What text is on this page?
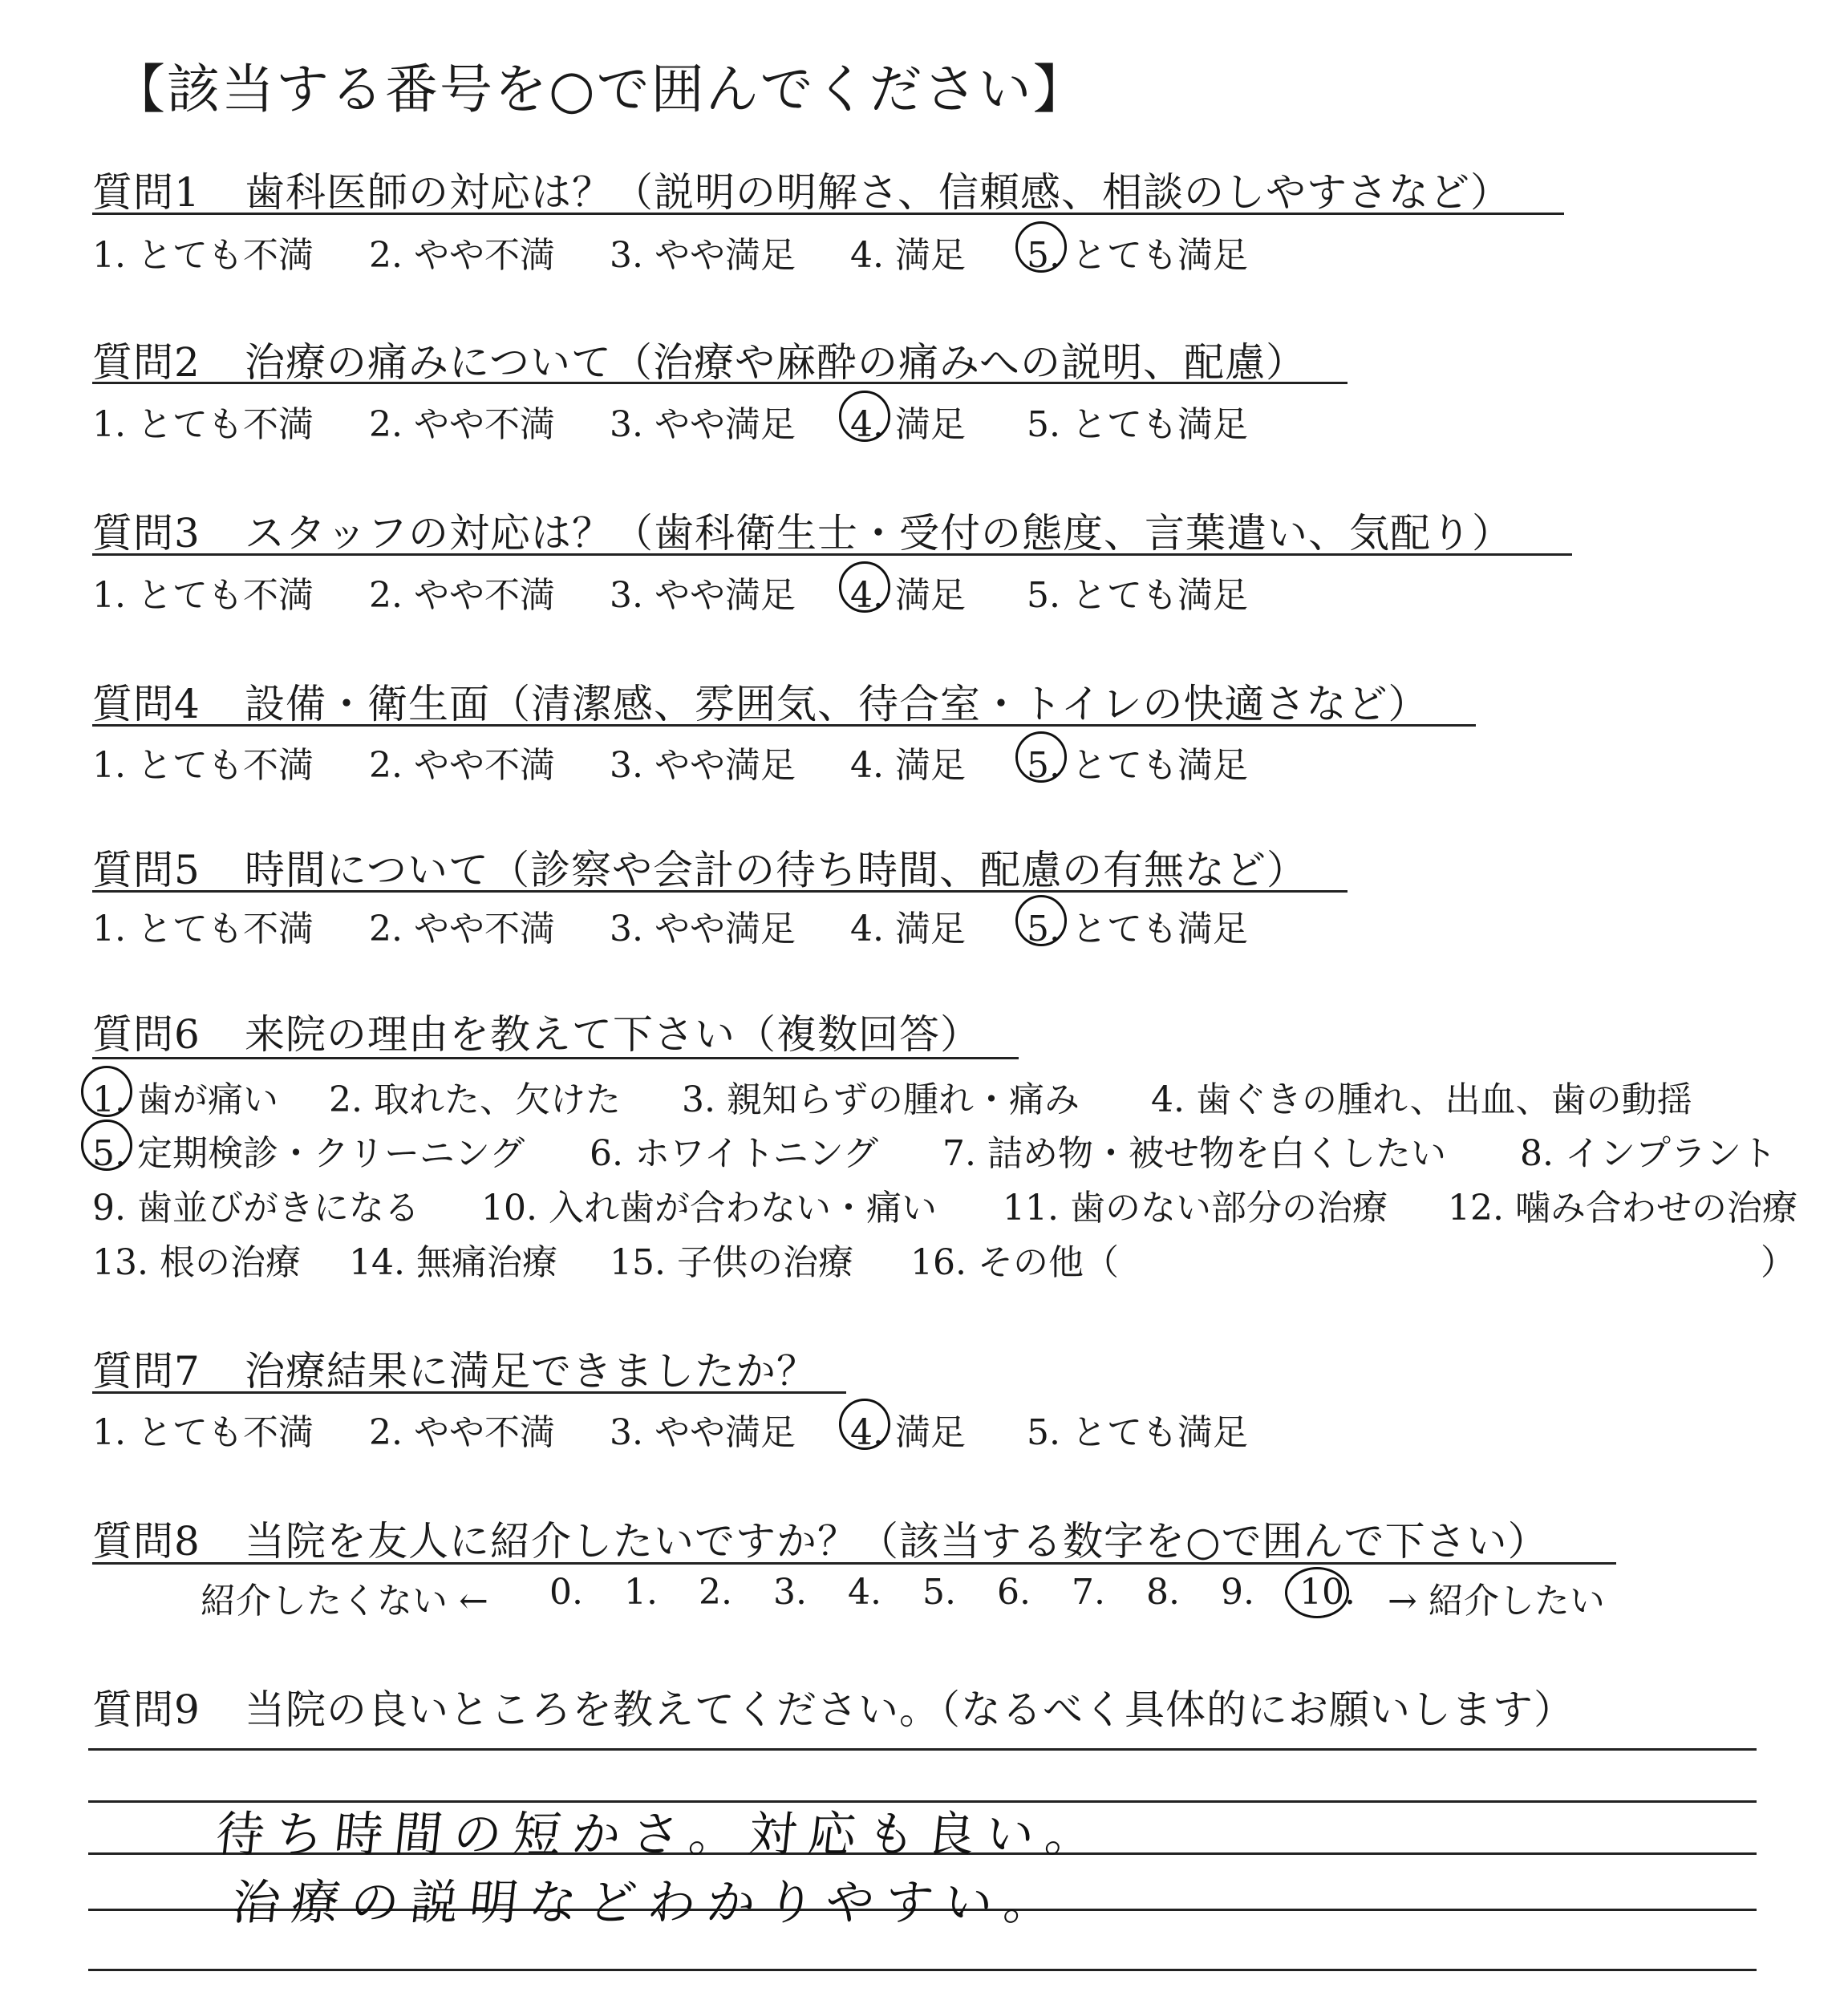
【該当する番号を○で囲んでください】
質問1 歯科医師の対応は？（説明の明解さ、信頼感、相談のしやすさなど）
1. とても不満 2. やや不満 3. やや満足 4. 満足 5. とても満足
質問2 治療の痛みについて（治療や麻酔の痛みへの説明、配慮）
1. とても不満 2. やや不満 3. やや満足 4. 満足 5. とても満足
質問3 スタッフの対応は？（歯科衛生士・受付の態度、言葉遣い、気配り）
1. とても不満 2. やや不満 3. やや満足 4. 満足 5. とても満足
質問4 設備・衛生面（清潔感、雰囲気、待合室・トイレの快適さなど）
1. とても不満 2. やや不満 3. やや満足 4. 満足 5. とても満足
質問5 時間について（診察や会計の待ち時間、配慮の有無など）
1. とても不満 2. やや不満 3. やや満足 4. 満足 5. とても満足
質問6 来院の理由を教えて下さい（複数回答）
1. 歯が痛い 2. 取れた、欠けた 3. 親知らずの腫れ・痛み 4. 歯ぐきの腫れ、出血、歯の動揺
5. 定期検診・クリーニング 6. ホワイトニング 7. 詰め物・被せ物を白くしたい 8. インプラント
9. 歯並びがきになる 10. 入れ歯が合わない・痛い 11. 歯のない部分の治療 12. 噛み合わせの治療
13. 根の治療 14. 無痛治療 15. 子供の治療 16. その他（	）
質問7 治療結果に満足できましたか？
1. とても不満 2. やや不満 3. やや満足 4. 満足 5. とても満足
質問8 当院を友人に紹介したいですか？（該当する数字を○で囲んで下さい）
紹介したくない ← 0. 1. 2. 3. 4. 5. 6. 7. 8. 9. 10. → 紹介したい
質問9 当院の良いところを教えてください。（なるべく具体的にお願いします）
待ち時間の短かさ。対応も良い。
治療の説明などわかりやすい。
